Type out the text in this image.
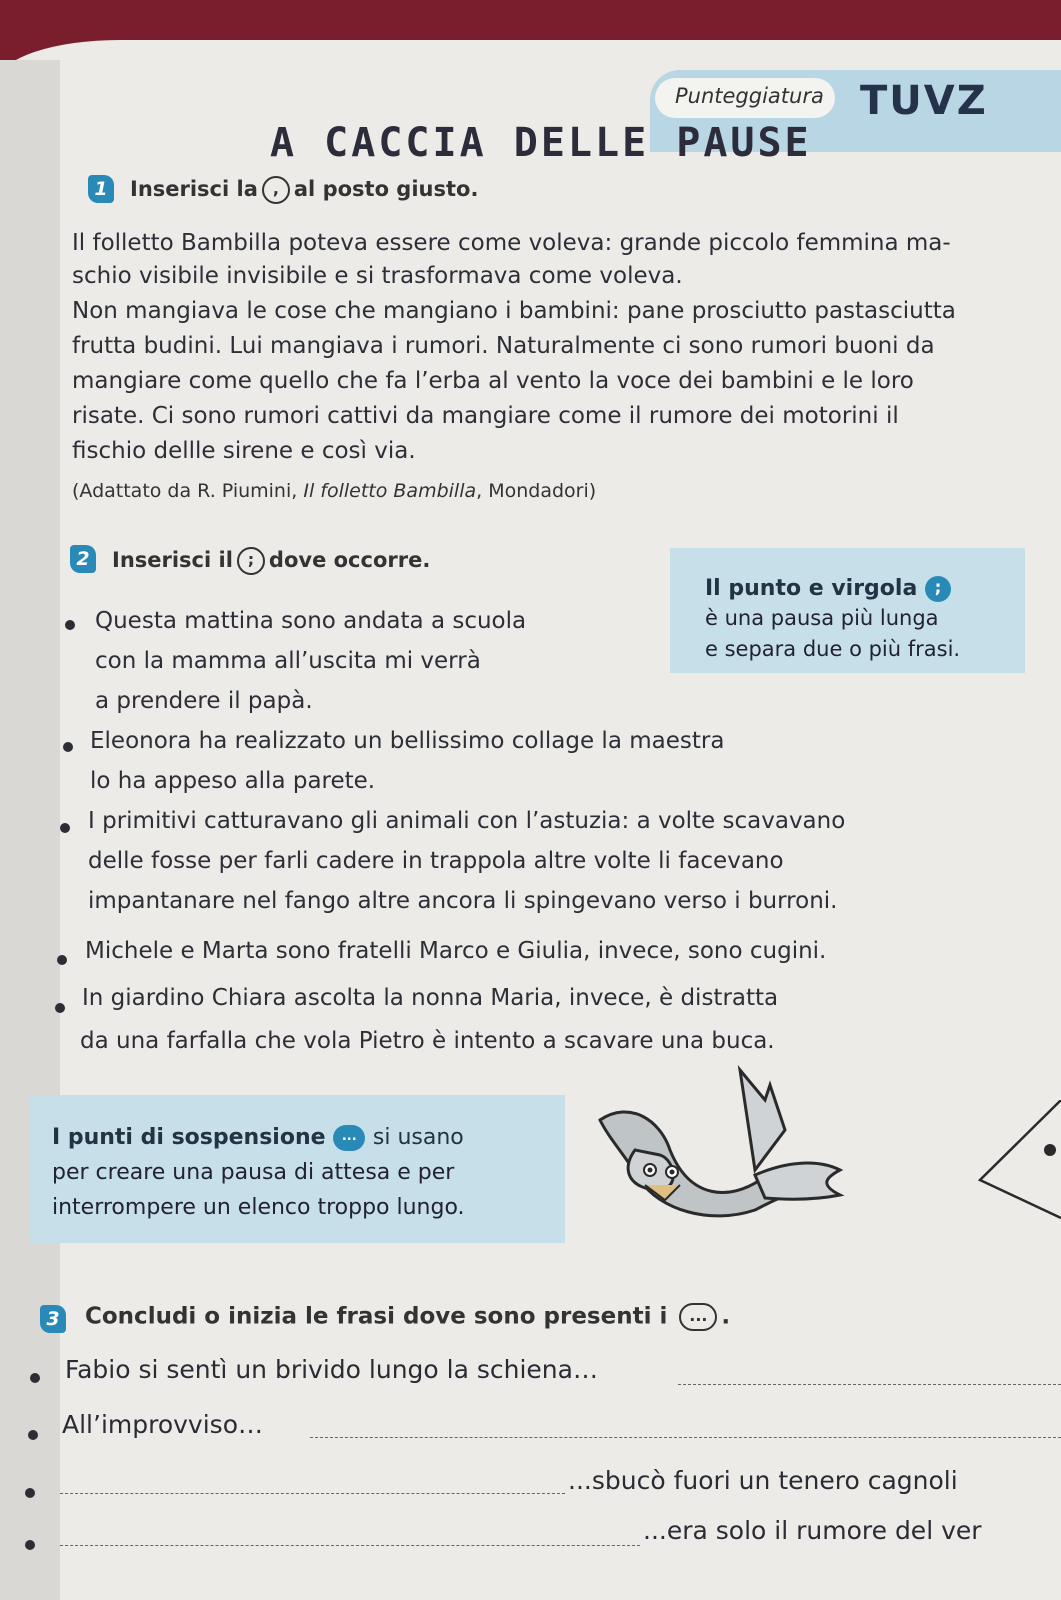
Punteggiatura TUVZ
A CACCIA DELLE PAUSE
1	Inserisci la , al posto giusto.
Il folletto Bambilla poteva essere come voleva: grande piccolo femmina ma-
schio visibile invisibile e si trasformava come voleva.
Non mangiava le cose che mangiano i bambini: pane prosciutto pastasciutta
frutta budini. Lui mangiava i rumori. Naturalmente ci sono rumori buoni da
mangiare come quello che fa l’erba al vento la voce dei bambini e le loro
risate. Ci sono rumori cattivi da mangiare come il rumore dei motorini il
fischio dellle sirene e così via.
(Adattato da R. Piumini, Il folletto Bambilla, Mondadori)
2	Inserisci il ; dove occorre.
Il punto e virgola ;
è una pausa più lunga
e separa due o più frasi.
Questa mattina sono andata a scuola
con la mamma all’uscita mi verrà
a prendere il papà.
Eleonora ha realizzato un bellissimo collage la maestra
lo ha appeso alla parete.
I primitivi catturavano gli animali con l’astuzia: a volte scavavano
delle fosse per farli cadere in trappola altre volte li facevano
impantanare nel fango altre ancora li spingevano verso i burroni.
Michele e Marta sono fratelli Marco e Giulia, invece, sono cugini.
In giardino Chiara ascolta la nonna Maria, invece, è distratta
da una farfalla che vola Pietro è intento a scavare una buca.
I punti di sospensione ... si usano
per creare una pausa di attesa e per
interrompere un elenco troppo lungo.
3 Concludi o inizia le frasi dove sono presenti i ... .
Fabio si sentì un brivido lungo la schiena…
All’improvviso…
...sbucò fuori un tenero cagnoli
...era solo il rumore del ver
